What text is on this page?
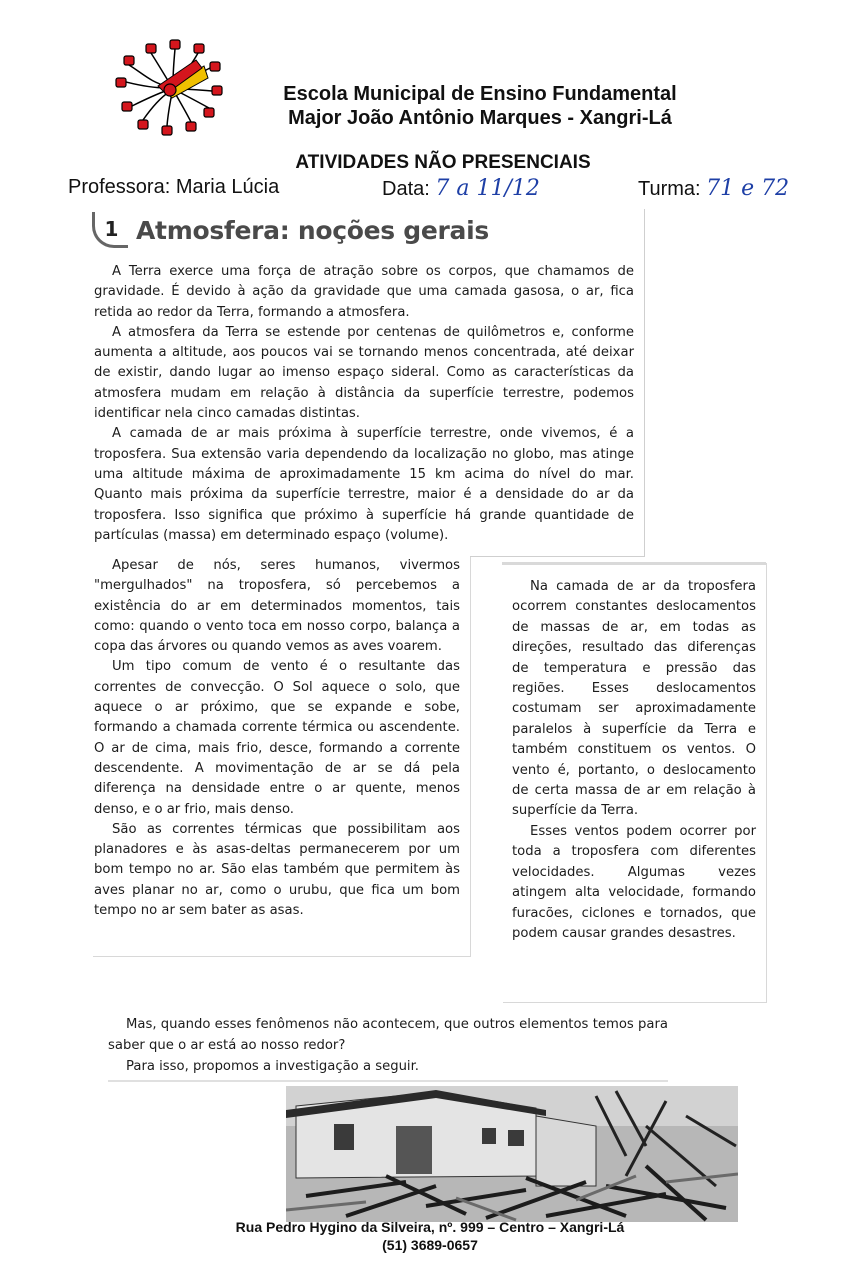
Escola Municipal de Ensino Fundamental
Major João Antônio Marques - Xangri-Lá
ATIVIDADES NÃO PRESENCIAIS
Professora: Maria Lúcia	Data: 7 a 11/12	Turma: 71 e 72
1 Atmosfera: noções gerais

A Terra exerce uma força de atração sobre os corpos, que chamamos de gravidade. É devido à ação da gravidade que uma camada gasosa, o ar, fica retida ao redor da Terra, formando a atmosfera.

A atmosfera da Terra se estende por centenas de quilômetros e, conforme aumenta a altitude, aos poucos vai se tornando menos concentrada, até deixar de existir, dando lugar ao imenso espaço sideral. Como as características da atmosfera mudam em relação à distância da superfície terrestre, podemos identificar nela cinco camadas distintas.

A camada de ar mais próxima à superfície terrestre, onde vivemos, é a troposfera. Sua extensão varia dependendo da localização no globo, mas atinge uma altitude máxima de aproximadamente 15 km acima do nível do mar. Quanto mais próxima da superfície terrestre, maior é a densidade do ar da troposfera. Isso significa que próximo à superfície há grande quantidade de partículas (massa) em determinado espaço (volume).

Apesar de nós, seres humanos, vivermos "mergulhados" na troposfera, só percebemos a existência do ar em determinados momentos, tais como: quando o vento toca em nosso corpo, balança a copa das árvores ou quando vemos as aves voarem.

Um tipo comum de vento é o resultante das correntes de convecção. O Sol aquece o solo, que aquece o ar próximo, que se expande e sobe, formando a chamada corrente térmica ou ascendente. O ar de cima, mais frio, desce, formando a corrente descendente. A movimentação de ar se dá pela diferença na densidade entre o ar quente, menos denso, e o ar frio, mais denso.

São as correntes térmicas que possibilitam aos planadores e às asas-deltas permanecerem por um bom tempo no ar. São elas também que permitem às aves planar no ar, como o urubu, que fica um bom tempo no ar sem bater as asas.

Na camada de ar da troposfera ocorrem constantes deslocamentos de massas de ar, em todas as direções, resultado das diferenças de temperatura e pressão das regiões. Esses deslocamentos costumam ser aproximadamente paralelos à superfície da Terra e também constituem os ventos. O vento é, portanto, o deslocamento de certa massa de ar em relação à superfície da Terra.

Esses ventos podem ocorrer por toda a troposfera com diferentes velocidades. Algumas vezes atingem alta velocidade, formando furacões, ciclones e tornados, que podem causar grandes desastres.

Mas, quando esses fenômenos não acontecem, que outros elementos temos para saber que o ar está ao nosso redor?

Para isso, propomos a investigação a seguir.

Rua Pedro Hygino da Silveira, nº. 999 – Centro – Xangri-Lá
(51) 3689-0657
